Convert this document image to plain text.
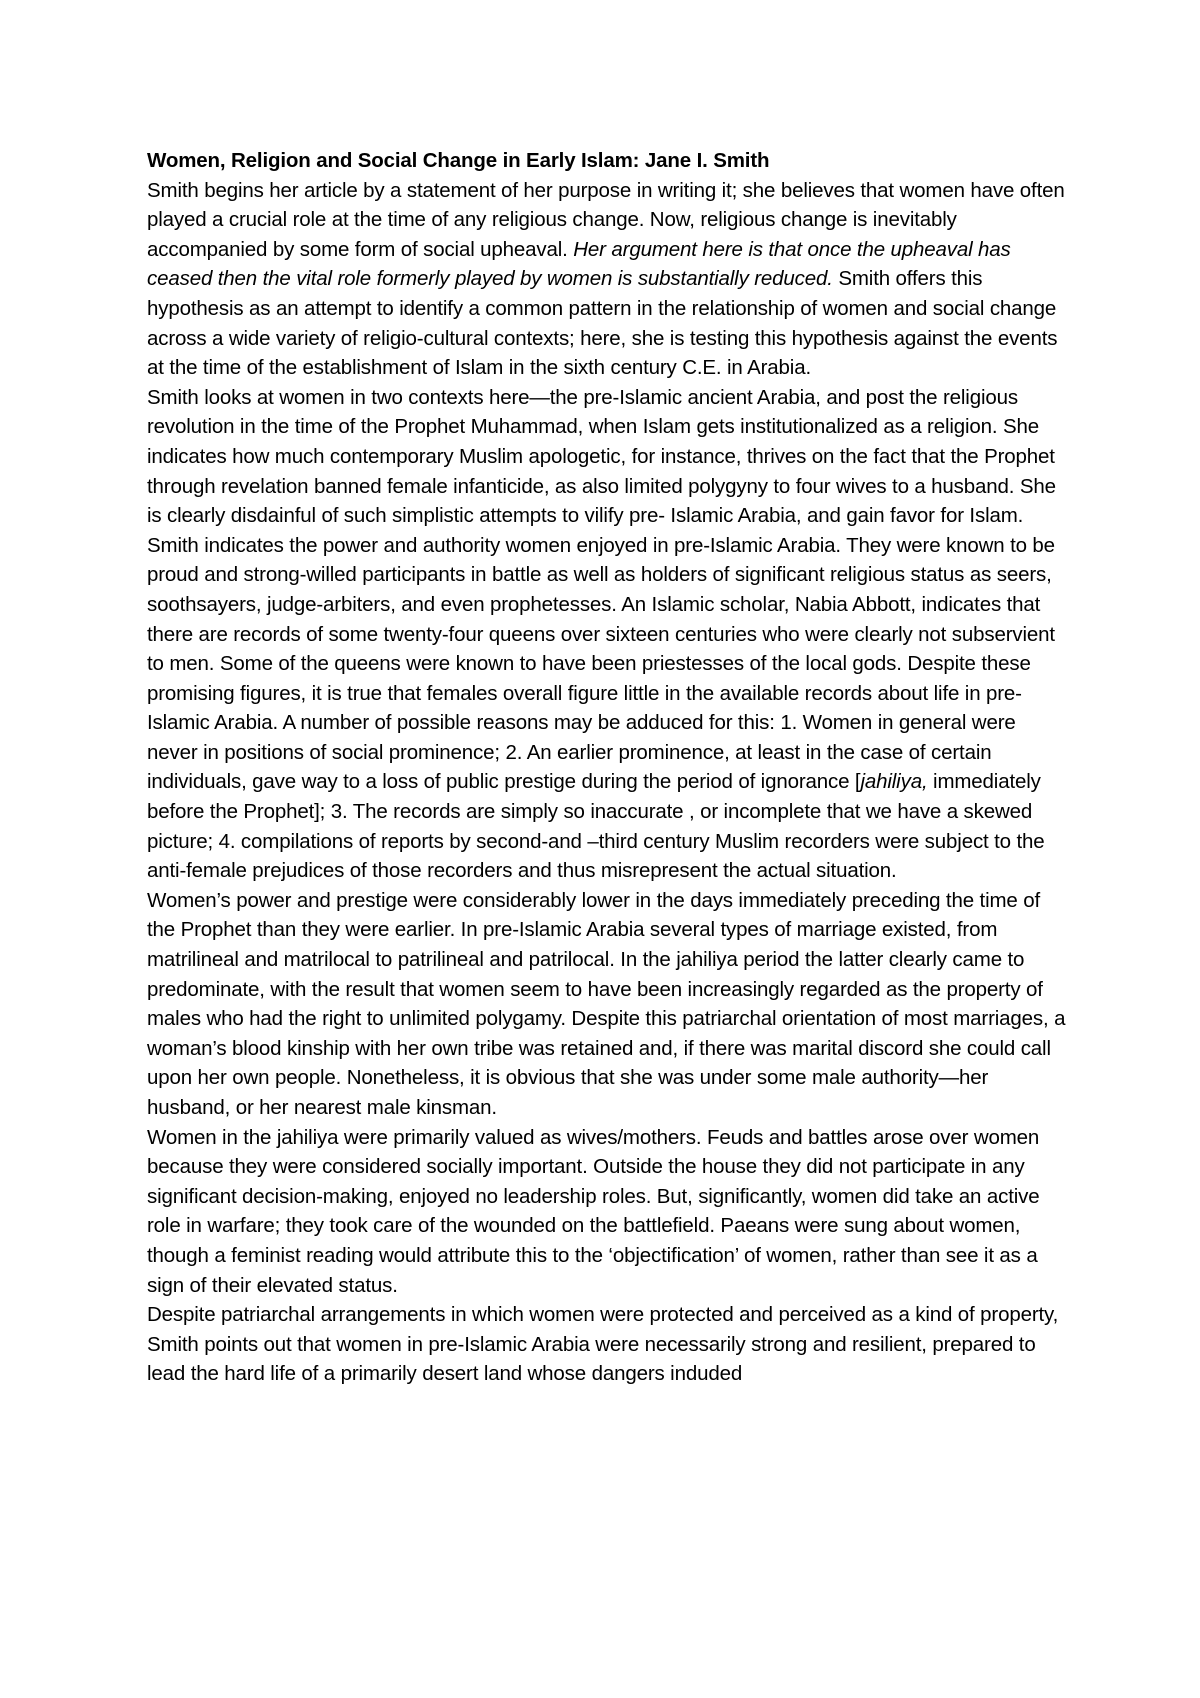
Women, Religion and Social Change in Early Islam: Jane I. Smith

Smith begins her article by a statement of her purpose in writing it; she believes that women have often played a crucial role at the time of any religious change. Now, religious change is inevitably accompanied by some form of social upheaval. Her argument here is that once the upheaval has ceased then the vital role formerly played by women is substantially reduced. Smith offers this hypothesis as an attempt to identify a common pattern in the relationship of women and social change across a wide variety of religio-cultural contexts; here, she is testing this hypothesis against the events at the time of the establishment of Islam in the sixth century C.E. in Arabia.

Smith looks at women in two contexts here—the pre-Islamic ancient Arabia, and post the religious revolution in the time of the Prophet Muhammad, when Islam gets institutionalized as a religion. She indicates how much contemporary Muslim apologetic, for instance, thrives on the fact that the Prophet through revelation banned female infanticide, as also limited polygyny to four wives to a husband. She is clearly disdainful of such simplistic attempts to vilify pre- Islamic Arabia, and gain favor for Islam.

Smith indicates the power and authority women enjoyed in pre-Islamic Arabia. They were known to be proud and strong-willed participants in battle as well as holders of significant religious status as seers, soothsayers, judge-arbiters, and even prophetesses. An Islamic scholar, Nabia Abbott, indicates that there are records of some twenty-four queens over sixteen centuries who were clearly not subservient to men. Some of the queens were known to have been priestesses of the local gods. Despite these promising figures, it is true that females overall figure little in the available records about life in pre-Islamic Arabia. A number of possible reasons may be adduced for this: 1. Women in general were never in positions of social prominence; 2. An earlier prominence, at least in the case of certain individuals, gave way to a loss of public prestige during the period of ignorance [jahiliya, immediately before the Prophet]; 3. The records are simply so inaccurate , or incomplete that we have a skewed picture; 4. compilations of reports by second-and –third century Muslim recorders were subject to the anti-female prejudices of those recorders and thus misrepresent the actual situation.

Women’s power and prestige were considerably lower in the days immediately preceding the time of the Prophet than they were earlier. In pre-Islamic Arabia several types of marriage existed, from matrilineal and matrilocal to patrilineal and patrilocal. In the jahiliya period the latter clearly came to predominate, with the result that women seem to have been increasingly regarded as the property of males who had the right to unlimited polygamy. Despite this patriarchal orientation of most marriages, a woman’s blood kinship with her own tribe was retained and, if there was marital discord she could call upon her own people. Nonetheless, it is obvious that she was under some male authority—her husband, or her nearest male kinsman.

Women in the jahiliya were primarily valued as wives/mothers. Feuds and battles arose over women because they were considered socially important. Outside the house they did not participate in any significant decision-making, enjoyed no leadership roles. But, significantly, women did take an active role in warfare; they took care of the wounded on the battlefield. Paeans were sung about women, though a feminist reading would attribute this to the ‘objectification’ of women, rather than see it as a sign of their elevated status.

Despite patriarchal arrangements in which women were protected and perceived as a kind of property, Smith points out that women in pre-Islamic Arabia were necessarily strong and resilient, prepared to lead the hard life of a primarily desert land whose dangers induded
